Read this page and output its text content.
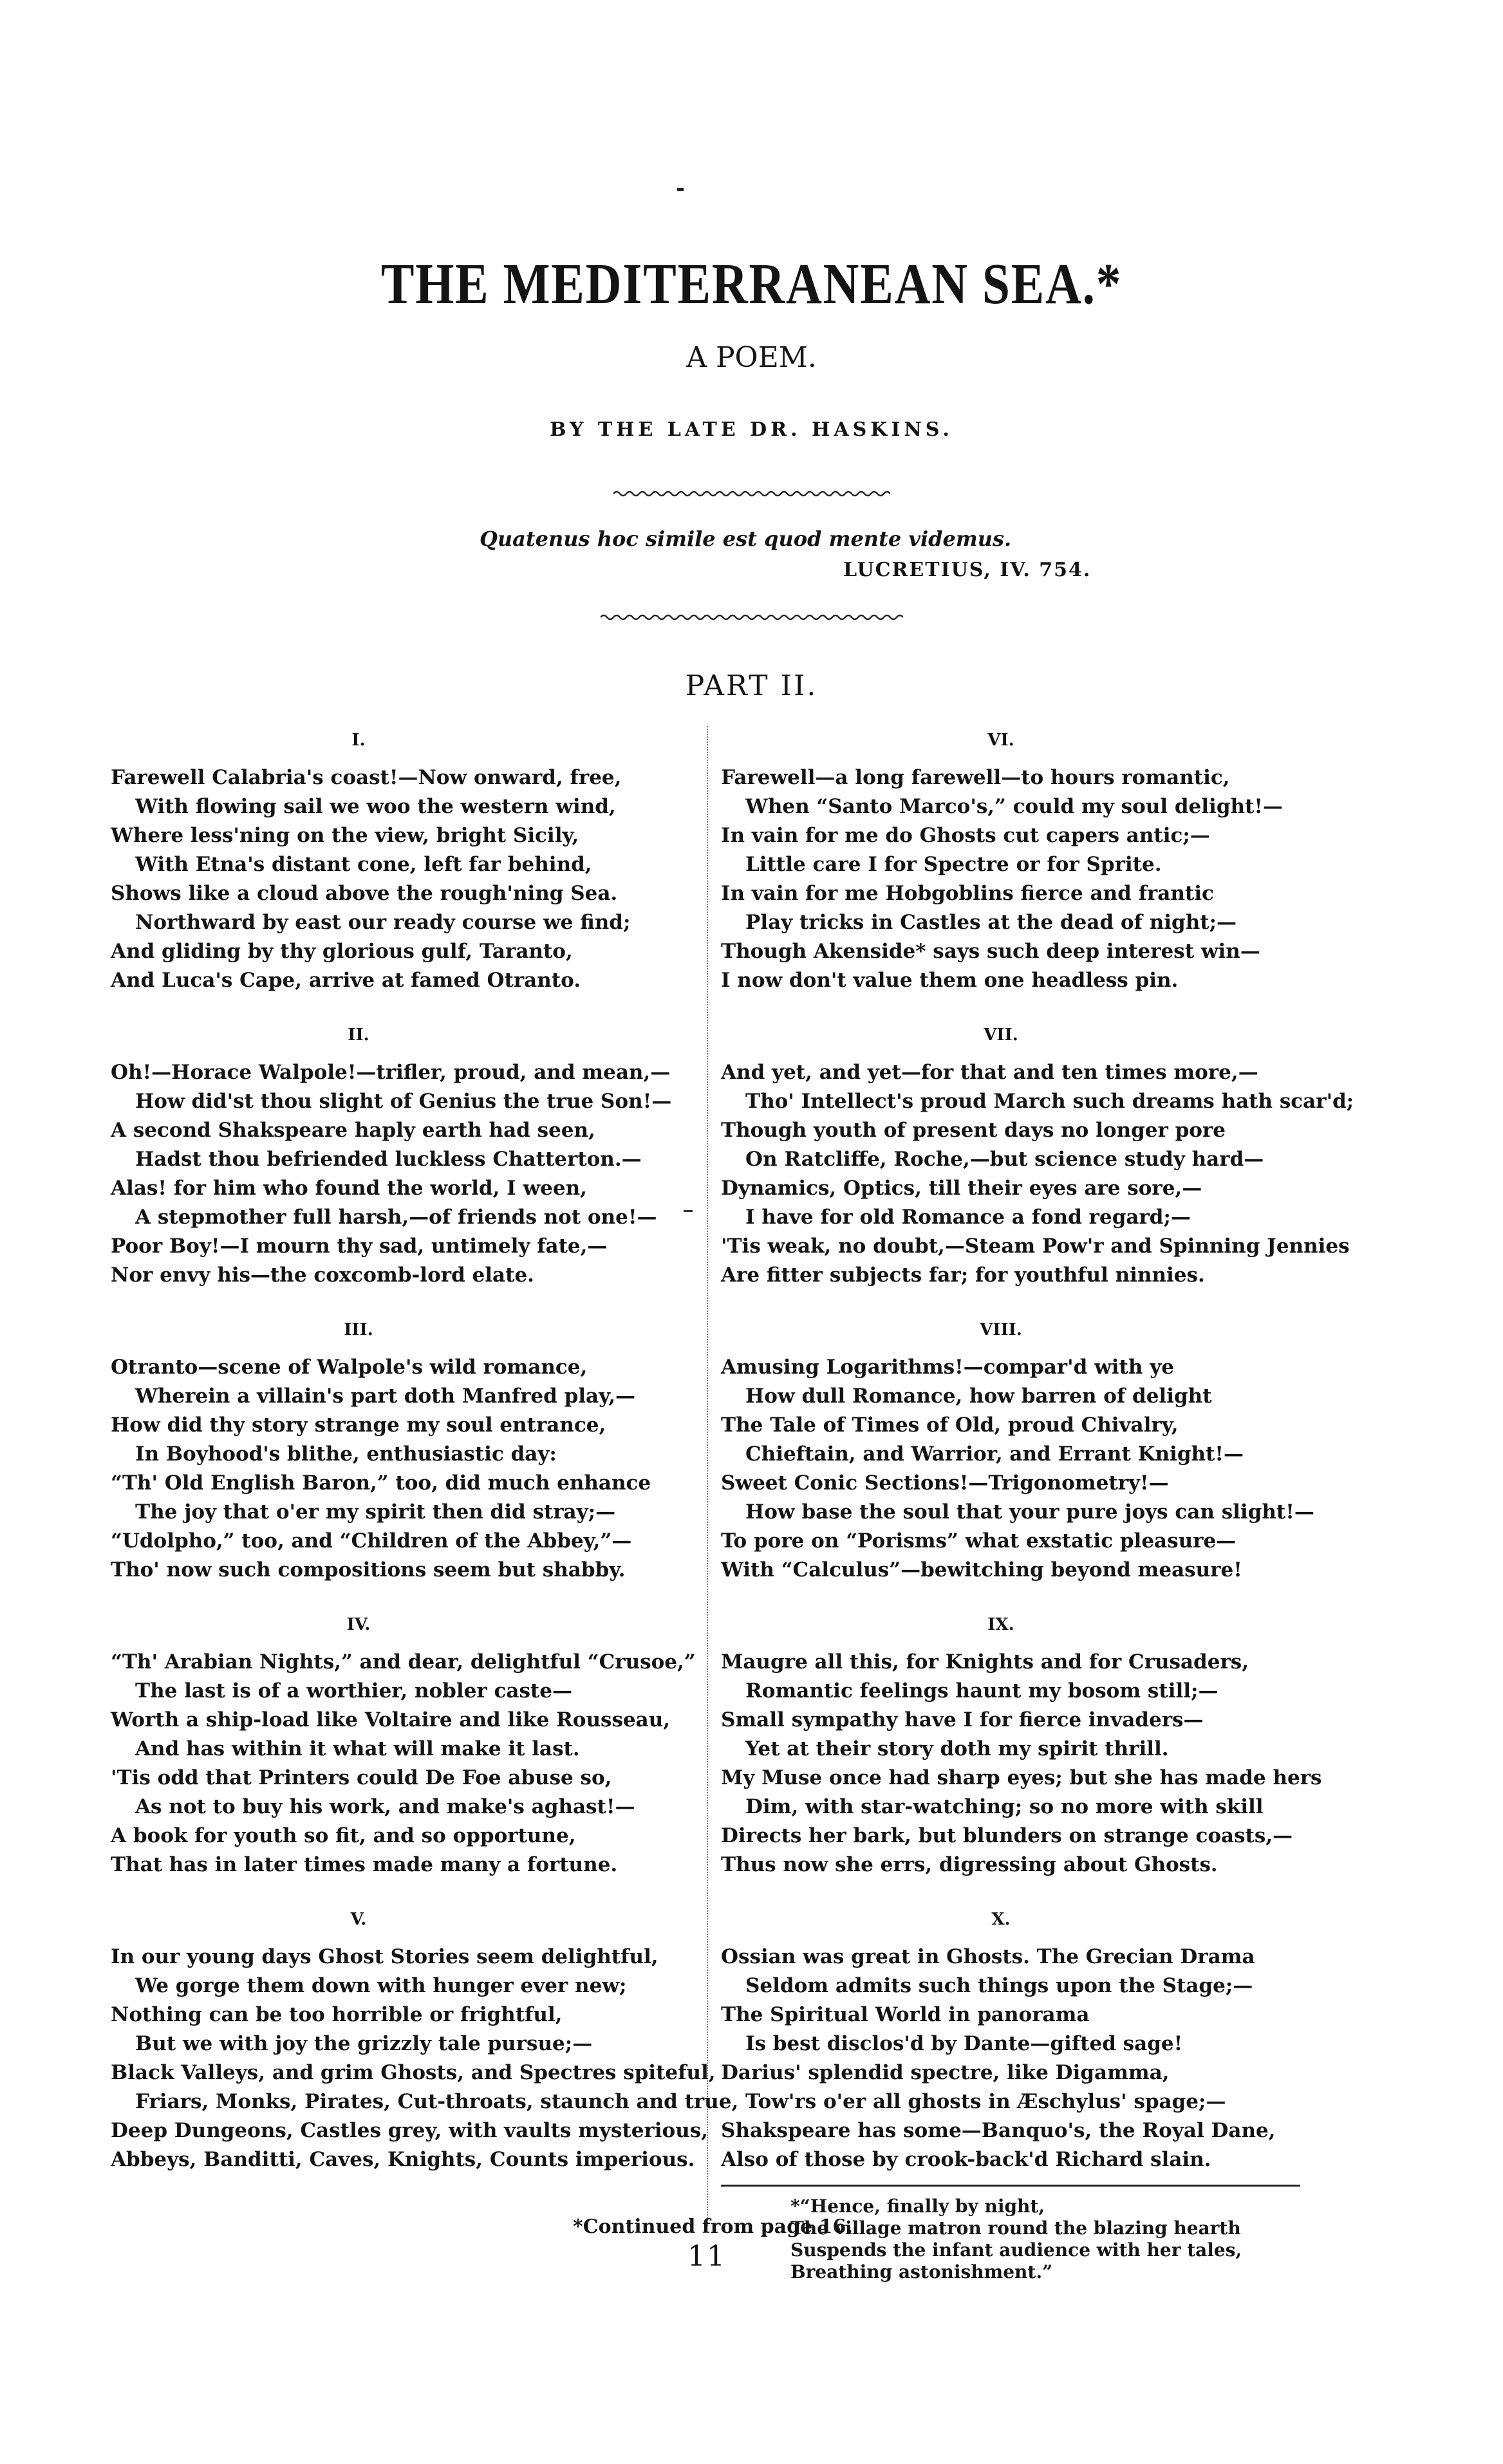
THE MEDITERRANEAN SEA.*
A POEM.
BY THE LATE DR. HASKINS.
Quatenus hoc simile est quod mente videmus.
LUCRETIUS, IV. 754.
PART II.
I.
Farewell Calabria's coast!—Now onward, free,
With flowing sail we woo the western wind,
Where less'ning on the view, bright Sicily,
With Etna's distant cone, left far behind,
Shows like a cloud above the rough'ning Sea.
Northward by east our ready course we find;
And gliding by thy glorious gulf, Taranto,
And Luca's Cape, arrive at famed Otranto.
II.
Oh!—Horace Walpole!—trifler, proud, and mean,—
How did'st thou slight of Genius the true Son!—
A second Shakspeare haply earth had seen,
Hadst thou befriended luckless Chatterton.—
Alas! for him who found the world, I ween,
A stepmother full harsh,—of friends not one!—
Poor Boy!—I mourn thy sad, untimely fate,—
Nor envy his—the coxcomb-lord elate.
III.
Otranto—scene of Walpole's wild romance,
Wherein a villain's part doth Manfred play,—
How did thy story strange my soul entrance,
In Boyhood's blithe, enthusiastic day:
“Th' Old English Baron,” too, did much enhance
The joy that o'er my spirit then did stray;—
“Udolpho,” too, and “Children of the Abbey,”—
Tho' now such compositions seem but shabby.
IV.
“Th' Arabian Nights,” and dear, delightful “Crusoe,”
The last is of a worthier, nobler caste—
Worth a ship-load like Voltaire and like Rousseau,
And has within it what will make it last.
'Tis odd that Printers could De Foe abuse so,
As not to buy his work, and make's aghast!—
A book for youth so fit, and so opportune,
That has in later times made many a fortune.
V.
In our young days Ghost Stories seem delightful,
We gorge them down with hunger ever new;
Nothing can be too horrible or frightful,
But we with joy the grizzly tale pursue;—
Black Valleys, and grim Ghosts, and Spectres spiteful,
Friars, Monks, Pirates, Cut-throats, staunch and true,
Deep Dungeons, Castles grey, with vaults mysterious,
Abbeys, Banditti, Caves, Knights, Counts imperious.
VI.
Farewell—a long farewell—to hours romantic,
When “Santo Marco's,” could my soul delight!—
In vain for me do Ghosts cut capers antic;—
Little care I for Spectre or for Sprite.
In vain for me Hobgoblins fierce and frantic
Play tricks in Castles at the dead of night;—
Though Akenside* says such deep interest win—
I now don't value them one headless pin.
VII.
And yet, and yet—for that and ten times more,—
Tho' Intellect's proud March such dreams hath scar'd;
Though youth of present days no longer pore
On Ratcliffe, Roche,—but science study hard—
Dynamics, Optics, till their eyes are sore,—
I have for old Romance a fond regard;—
'Tis weak, no doubt,—Steam Pow'r and Spinning Jennies
Are fitter subjects far; for youthful ninnies.
VIII.
Amusing Logarithms!—compar'd with ye
How dull Romance, how barren of delight
The Tale of Times of Old, proud Chivalry,
Chieftain, and Warrior, and Errant Knight!—
Sweet Conic Sections!—Trigonometry!—
How base the soul that your pure joys can slight!—
To pore on “Porisms” what exstatic pleasure—
With “Calculus”—bewitching beyond measure!
IX.
Maugre all this, for Knights and for Crusaders,
Romantic feelings haunt my bosom still;—
Small sympathy have I for fierce invaders—
Yet at their story doth my spirit thrill.
My Muse once had sharp eyes; but she has made hers
Dim, with star-watching; so no more with skill
Directs her bark, but blunders on strange coasts,—
Thus now she errs, digressing about Ghosts.
X.
Ossian was great in Ghosts. The Grecian Drama
Seldom admits such things upon the Stage;—
The Spiritual World in panorama
Is best disclos'd by Dante—gifted sage!
Darius' splendid spectre, like Digamma,
Tow'rs o'er all ghosts in Æschylus' spage;—
Shakspeare has some—Banquo's, the Royal Dane,
Also of those by crook-back'd Richard slain.
*“Hence, finally by night,
The village matron round the blazing hearth
Suspends the infant audience with her tales,
Breathing astonishment.”
*Continued from page 16.
11
